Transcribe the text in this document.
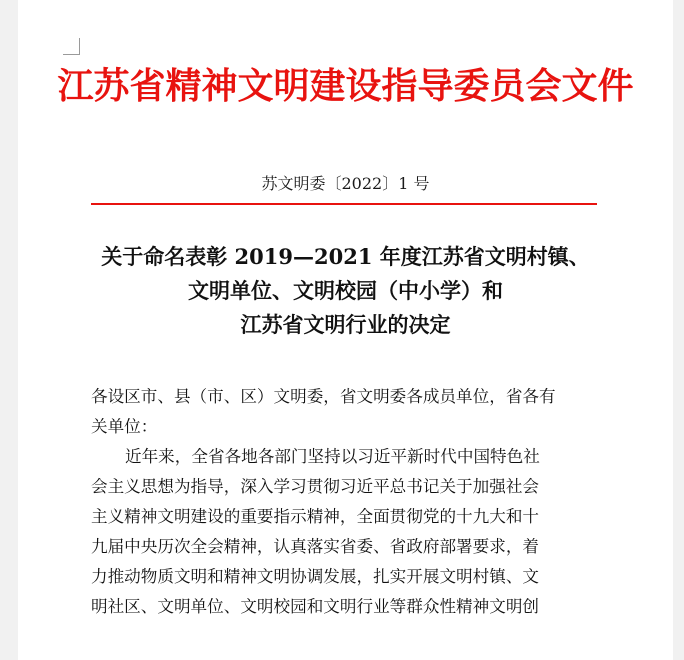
江苏省精神文明建设指导委员会文件
苏文明委〔2022〕1 号
关于命名表彰 2019—2021 年度江苏省文明村镇、
文明单位、文明校园（中小学）和
江苏省文明行业的决定
各设区市、县（市、区）文明委，省文明委各成员单位，省各有
关单位：
近年来，全省各地各部门坚持以习近平新时代中国特色社
会主义思想为指导，深入学习贯彻习近平总书记关于加强社会
主义精神文明建设的重要指示精神，全面贯彻党的十九大和十
九届中央历次全会精神，认真落实省委、省政府部署要求，着
力推动物质文明和精神文明协调发展，扎实开展文明村镇、文
明社区、文明单位、文明校园和文明行业等群众性精神文明创
